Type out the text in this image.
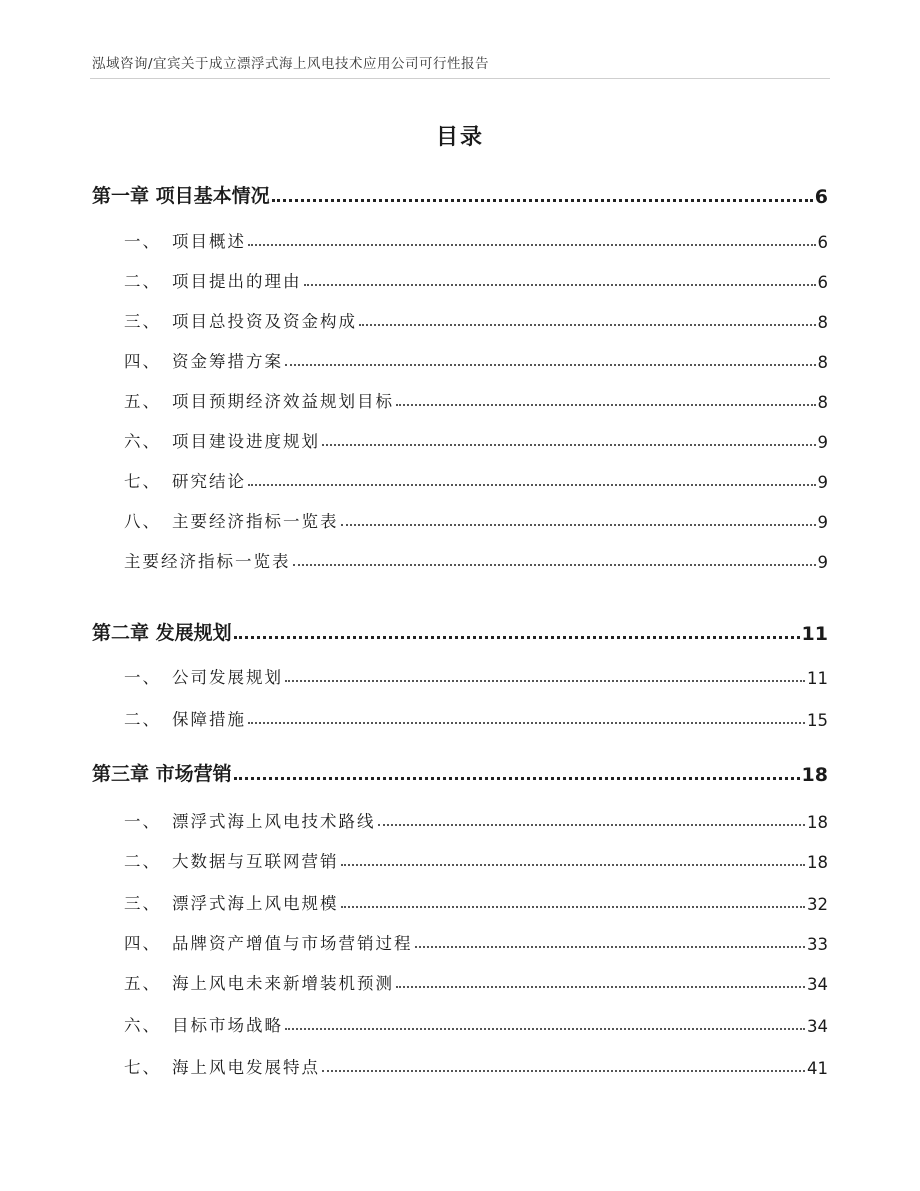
泓域咨询/宜宾关于成立漂浮式海上风电技术应用公司可行性报告
目录
第一章 项目基本情况	6
一、 项目概述	6
二、 项目提出的理由	6
三、 项目总投资及资金构成	8
四、 资金筹措方案	8
五、 项目预期经济效益规划目标	8
六、 项目建设进度规划	9
七、 研究结论	9
八、 主要经济指标一览表	9
主要经济指标一览表	9
第二章 发展规划	11
一、 公司发展规划	11
二、 保障措施	15
第三章 市场营销	18
一、 漂浮式海上风电技术路线	18
二、 大数据与互联网营销	18
三、 漂浮式海上风电规模	32
四、 品牌资产增值与市场营销过程	33
五、 海上风电未来新增装机预测	34
六、 目标市场战略	34
七、 海上风电发展特点	41
